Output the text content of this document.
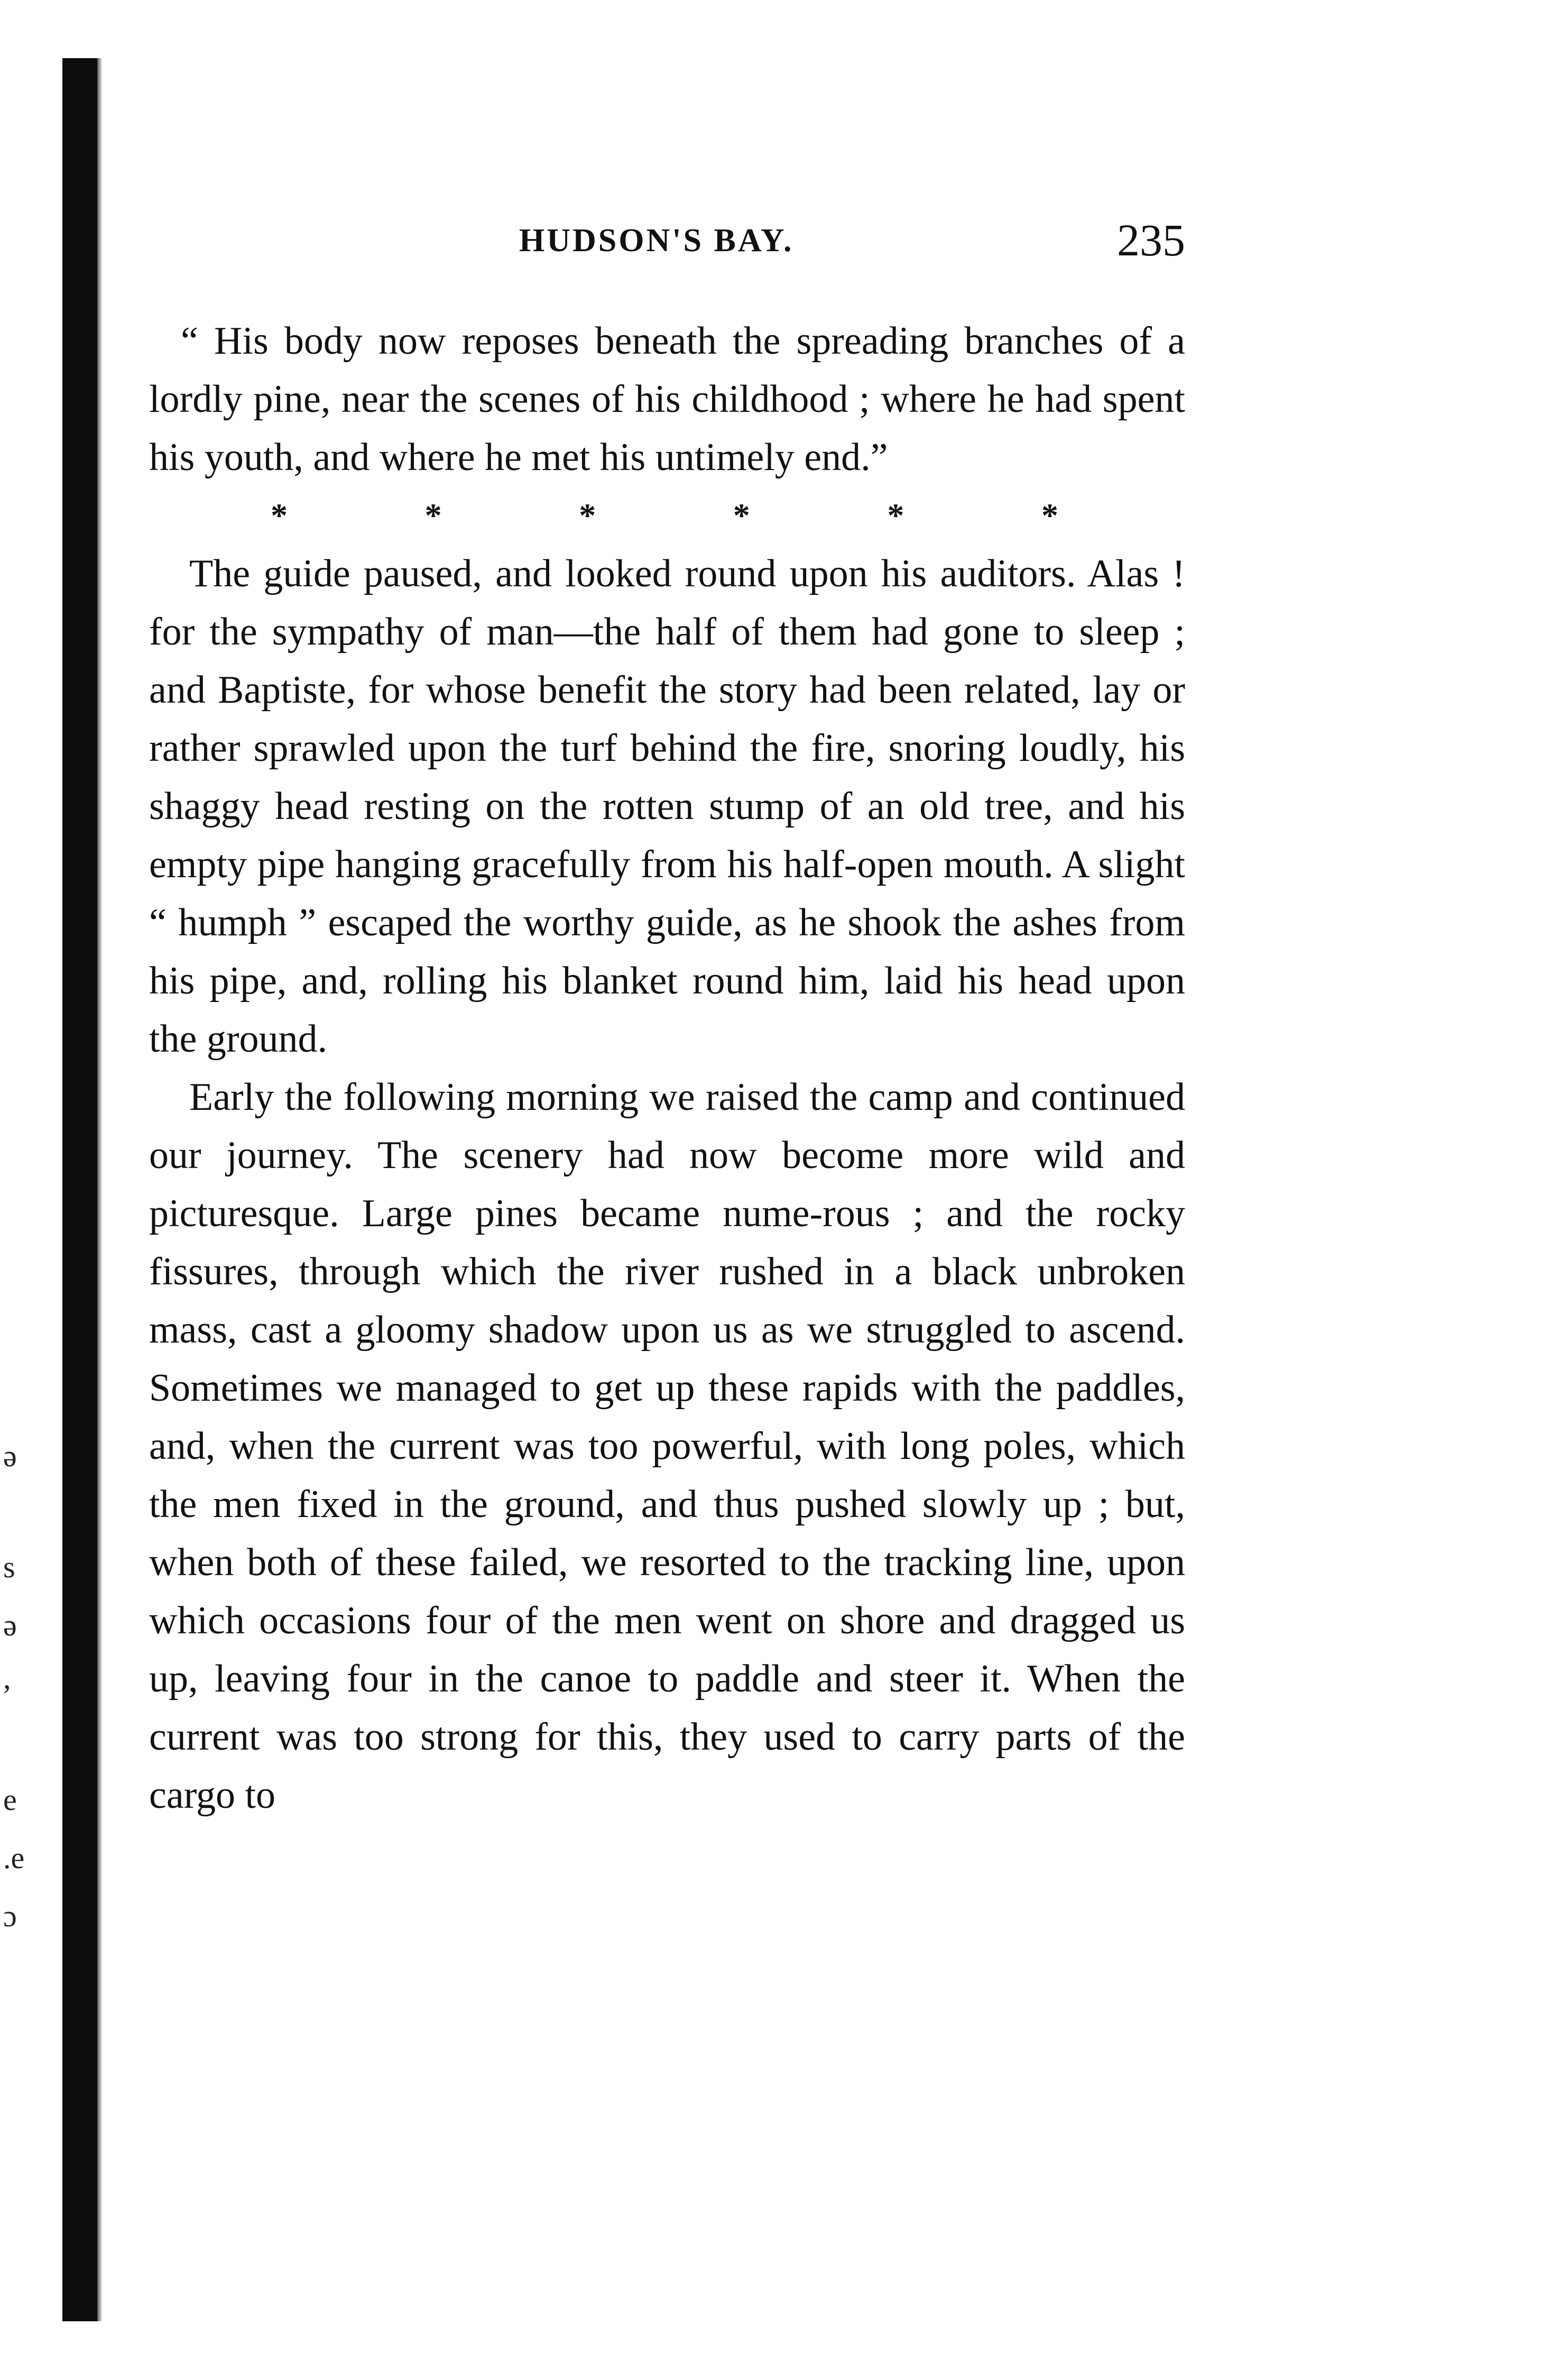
ə
s
ə
,
e
.e
ɔ
HUDSON'S BAY.	235

“ His body now reposes beneath the spreading branches of a lordly pine, near the scenes of his childhood ; where he had spent his youth, and where he met his untimely end.”

*	*	*	*	*	*

The guide paused, and looked round upon his auditors. Alas ! for the sympathy of man—the half of them had gone to sleep ; and Baptiste, for whose benefit the story had been related, lay or rather sprawled upon the turf behind the fire, snoring loudly, his shaggy head resting on the rotten stump of an old tree, and his empty pipe hanging gracefully from his half-open mouth. A slight “ humph ” escaped the worthy guide, as he shook the ashes from his pipe, and, rolling his blanket round him, laid his head upon the ground.

Early the following morning we raised the camp and continued our journey. The scenery had now become more wild and picturesque. Large pines became nume-rous ; and the rocky fissures, through which the river rushed in a black unbroken mass, cast a gloomy shadow upon us as we struggled to ascend. Sometimes we managed to get up these rapids with the paddles, and, when the current was too powerful, with long poles, which the men fixed in the ground, and thus pushed slowly up ; but, when both of these failed, we resorted to the tracking line, upon which occasions four of the men went on shore and dragged us up, leaving four in the canoe to paddle and steer it. When the current was too strong for this, they used to carry parts of the cargo to
